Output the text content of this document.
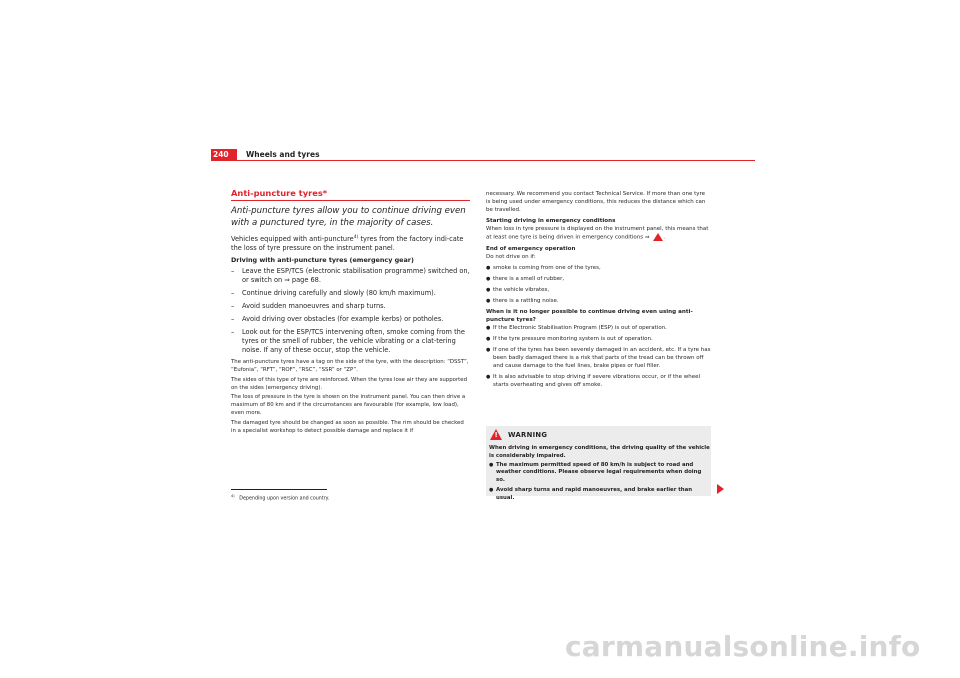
240 Wheels and tyres
Anti-puncture tyres*

Anti-puncture tyres allow you to continue driving even with a punctured tyre, in the majority of cases.

Vehicles equipped with anti-puncture$^{4)}$ tyres from the factory indi-cate the loss of tyre pressure on the instrument panel.

Driving with anti-puncture tyres (emergency gear)

– Leave the ESP/TCS (electronic stabilisation programme) switched on, or switch on ⇒ page 68.
– Continue driving carefully and slowly (80 km/h maximum).
– Avoid sudden manoeuvres and sharp turns.
– Avoid driving over obstacles (for example kerbs) or potholes.
– Look out for the ESP/TCS intervening often, smoke coming from the tyres or the smell of rubber, the vehicle vibrating or a clat-tering noise. If any of these occur, stop the vehicle.

The anti-puncture tyres have a tag on the side of the tyre, with the description: “DSST”, “Eufonia”, “RFT”, “ROF”, “RSC”, “SSR” or “ZP”.

The sides of this type of tyre are reinforced. When the tyres lose air they are supported on the sides (emergency driving).

The loss of pressure in the tyre is shown on the instrument panel. You can then drive a maximum of 80 km and if the circumstances are favourable (for example, low load), even more.

The damaged tyre should be changed as soon as possible. The rim should be checked in a specialist workshop to detect possible damage and replace it if

$^{4)}$   Depending upon version and country.

necessary. We recommend you contact Technical Service. If more than one tyre is being used under emergency conditions, this reduces the distance which can be travelled.

Starting driving in emergency conditions

When loss in tyre pressure is displayed on the instrument panel, this means that at least one tyre is being driven in emergency conditions ⇒	.

End of emergency operation

Do not drive on if:

● smoke is coming from one of the tyres,
● there is a smell of rubber,
● the vehicle vibrates,
● there is a rattling noise.

When is it no longer possible to continue driving even using anti-puncture tyres?

● If the Electronic Stabilisation Program (ESP) is out of operation.
● If the tyre pressure monitoring system is out of operation.
● If one of the tyres has been severely damaged in an accident, etc. If a tyre has been badly damaged there is a risk that parts of the tread can be thrown off and cause damage to the fuel lines, brake pipes or fuel filler.
● It is also advisable to stop driving if severe vibrations occur, or if the wheel starts overheating and gives off smoke.
! WARNING

When driving in emergency conditions, the driving quality of the vehicle is considerably impaired.

● The maximum permitted speed of 80 km/h is subject to road and weather conditions. Please observe legal requirements when doing so.
● Avoid sharp turns and rapid manoeuvres, and brake earlier than usual.
carmanualsonline.info
